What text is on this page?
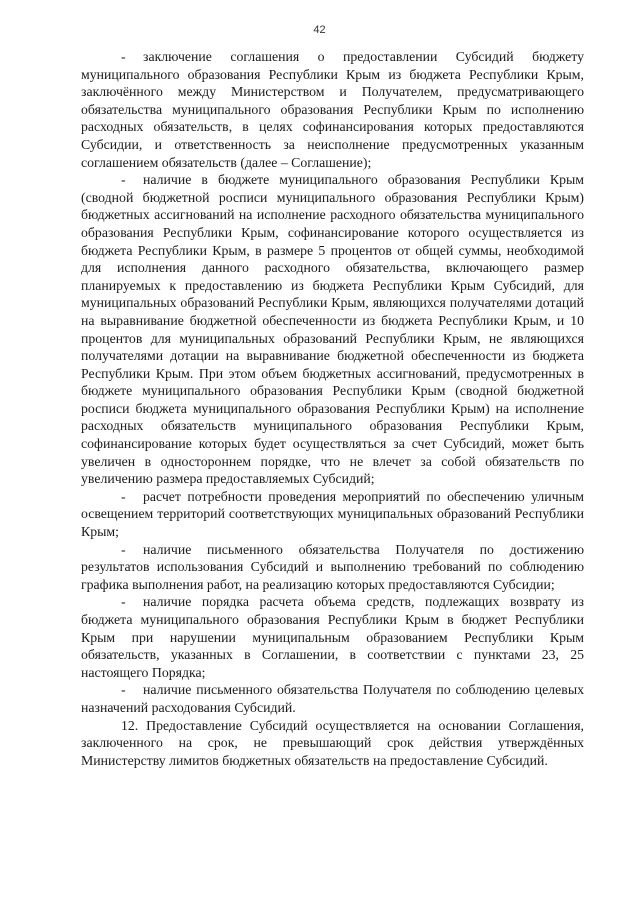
42

- заключение соглашения о предоставлении Субсидий бюджету муниципального образования Республики Крым из бюджета Республики Крым, заключённого между Министерством и Получателем, предусматривающего обязательства муниципального образования Республики Крым по исполнению расходных обязательств, в целях софинансирования которых предоставляются Субсидии, и ответственность за неисполнение предусмотренных указанным соглашением обязательств (далее – Соглашение);

- наличие в бюджете муниципального образования Республики Крым (сводной бюджетной росписи муниципального образования Республики Крым) бюджетных ассигнований на исполнение расходного обязательства муниципального образования Республики Крым, софинансирование которого осуществляется из бюджета Республики Крым, в размере 5 процентов от общей суммы, необходимой для исполнения данного расходного обязательства, включающего размер планируемых к предоставлению из бюджета Республики Крым Субсидий, для муниципальных образований Республики Крым, являющихся получателями дотаций на выравнивание бюджетной обеспеченности из бюджета Республики Крым, и 10 процентов для муниципальных образований Республики Крым, не являющихся получателями дотации на выравнивание бюджетной обеспеченности из бюджета Республики Крым. При этом объем бюджетных ассигнований, предусмотренных в бюджете муниципального образования Республики Крым (сводной бюджетной росписи бюджета муниципального образования Республики Крым) на исполнение расходных обязательств муниципального образования Республики Крым, софинансирование которых будет осуществляться за счет Субсидий, может быть увеличен в одностороннем порядке, что не влечет за собой обязательств по увеличению размера предоставляемых Субсидий;

- расчет потребности проведения мероприятий по обеспечению уличным освещением территорий соответствующих муниципальных образований Республики Крым;

- наличие письменного обязательства Получателя по достижению результатов использования Субсидий и выполнению требований по соблюдению графика выполнения работ, на реализацию которых предоставляются Субсидии;

- наличие порядка расчета объема средств, подлежащих возврату из бюджета муниципального образования Республики Крым в бюджет Республики Крым при нарушении муниципальным образованием Республики Крым обязательств, указанных в Соглашении, в соответствии с пунктами 23, 25 настоящего Порядка;

- наличие письменного обязательства Получателя по соблюдению целевых назначений расходования Субсидий.

12. Предоставление Субсидий осуществляется на основании Соглашения, заключенного на срок, не превышающий срок действия утверждённых Министерству лимитов бюджетных обязательств на предоставление Субсидий.
